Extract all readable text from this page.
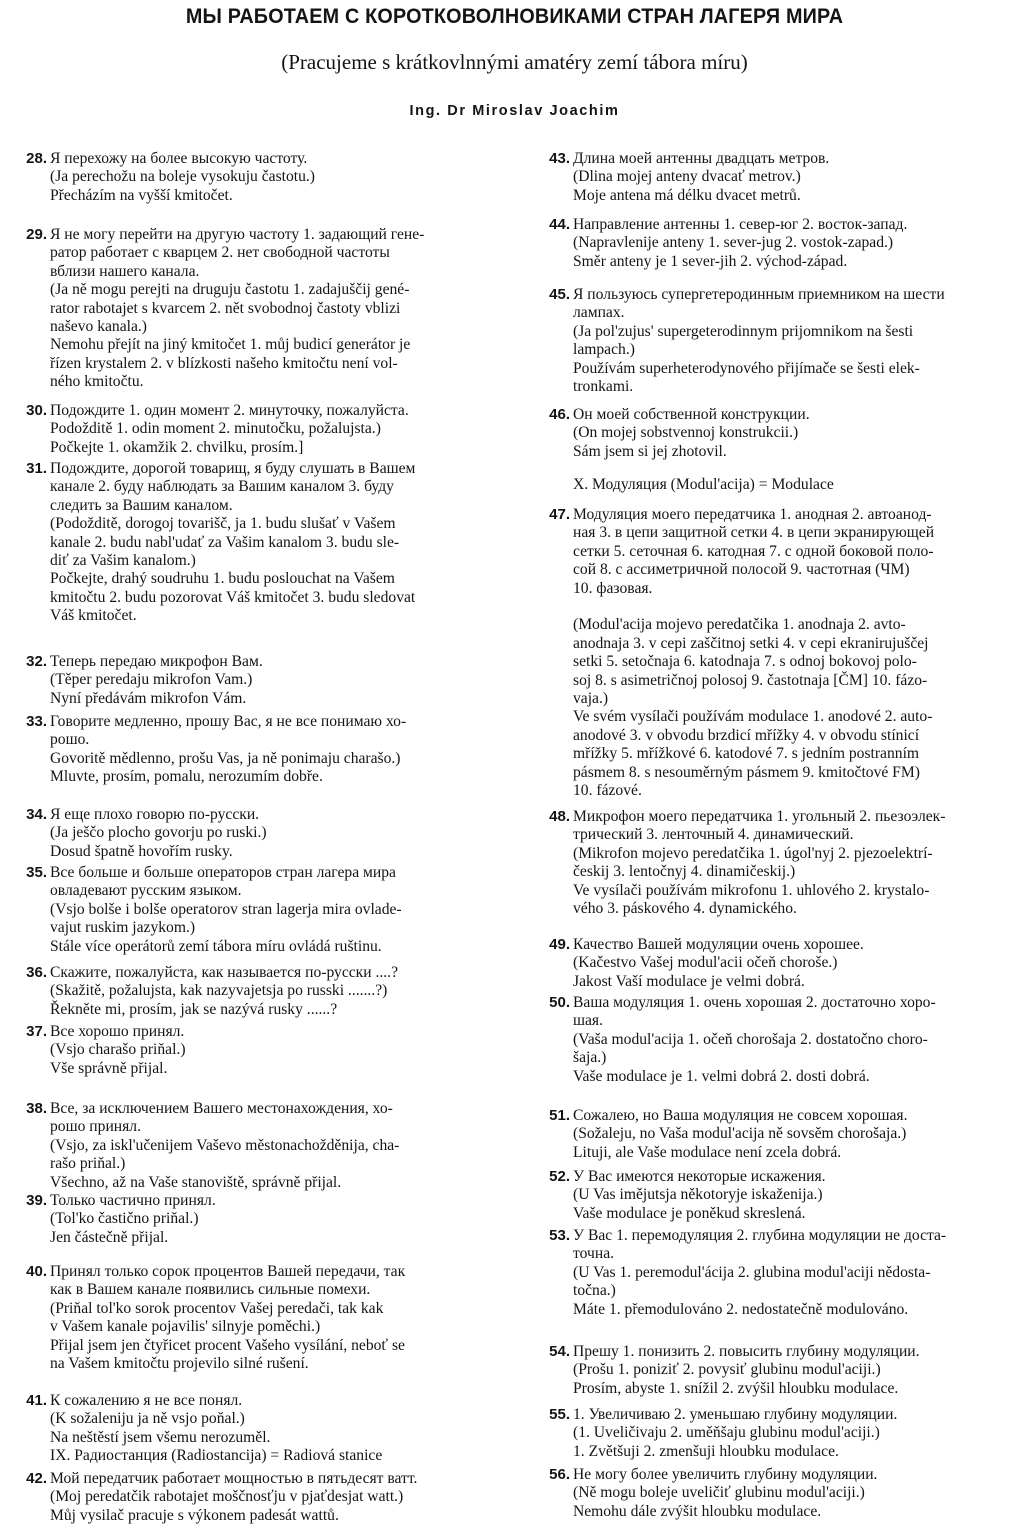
МЫ РАБОТАЕМ С КОРОТКОВОЛНОВИКАМИ СТРАН ЛАГЕРЯ МИРА
(Pracujeme s krátkovlnnými amatéry zemí tábora míru)
Ing. Dr Miroslav Joachim
28. Я перехожу на более высокую частоту.
(Ja perechožu na boleje vysokuju častotu.)
Přecházím na vyšší kmitočet.
29. Я не могу перейти на другую частоту 1. задающий гене-
ратор работает с кварцем 2. нет свободной частоты
вблизи нашего канала.
(Ja ně mogu perejti na druguju častotu 1. zadajuščij gené-
rator rabotajet s kvarcem 2. nět svobodnoj častoty vblizi
naševo kanala.)
Nemohu přejít na jiný kmitočet 1. můj budicí generátor je
řízen krystalem 2. v blízkosti našeho kmitočtu není vol-
ného kmitočtu.
30. Подождите 1. один момент 2. минуточку, пожалуйста.
Podožditě 1. odin moment 2. minutočku, požalujsta.)
Počkejte 1. okamžik 2. chvilku, prosím.]
31. Подождите, дорогой товарищ, я буду слушать в Вашем
канале 2. буду наблюдать за Вашим каналом 3. буду
следить за Вашим каналом.
(Podožditě, dorogoj tovarišč, ja 1. budu slušať v Vašem
kanale 2. budu nabl'udať za Vašim kanalom 3. budu sle-
diť za Vašim kanalom.)
Počkejte, drahý soudruhu 1. budu poslouchat na Vašem
kmitočtu 2. budu pozorovat Váš kmitočet 3. budu sledovat
Váš kmitočet.
32. Теперь передаю микрофон Вам.
(Těper peredaju mikrofon Vam.)
Nyní předávám mikrofon Vám.
33. Говорите медленно, прошу Вас, я не все понимаю хо-
рошо.
Govoritě mědlenno, prošu Vas, ja ně ponimaju charašo.)
Mluvte, prosím, pomalu, nerozumím dobře.
34. Я еще плохо говорю по-русски.
(Ja ješčo plocho govorju po ruski.)
Dosud špatně hovořím rusky.
35. Все больше и больше операторов стран лагера мира
овладевают русским языком.
(Vsjo bolše i bolše operatorov stran lagerja mira ovlade-
vajut ruskim jazykom.)
Stále více operátorů zemí tábora míru ovládá ruštinu.
36. Скажите, пожалуйста, как называется по-русски ....?
(Skažitě, požalujsta, kak nazyvajetsja po russki .......?)
Řekněte mi, prosím, jak se nazývá rusky ......?
37. Все хорошо принял.
(Vsjo charašo priňal.)
Vše správně přijal.
38. Все, за исключением Вашего местонахождения, хо-
рошо принял.
(Vsjo, za iskl'učenijem Vaševo městonachožděnija, cha-
rašo priňal.)
Všechno, až na Vaše stanoviště, správně přijal.
39. Только частично принял.
(Tol'ko častično priňal.)
Jen částečně přijal.
40. Принял только сорок процентов Вашей передачи, так
как в Вашем канале появились сильные помехи.
(Priňal tol'ko sorok procentov Vašej peredači, tak kak
v Vašem kanale pojavilis' silnyje poměchi.)
Přijal jsem jen čtyřicet procent Vašeho vysílání, neboť se
na Vašem kmitočtu projevilo silné rušení.
41. К сожалению я не все понял.
(K sožaleniju ja ně vsjo poňal.)
Na neštěstí jsem všemu nerozuměl.
IX. Радиостанция (Radiostancija) = Radiová stanice
42. Мой передатчик работает мощностью в пятьдесят ватт.
(Moj peredatčik rabotajet moščnosťju v pjaťdesjat watt.)
Můj vysilač pracuje s výkonem padesát wattů.
43. Длина моей антенны двадцать метров.
(Dlina mojej anteny dvacať metrov.)
Moje antena má délku dvacet metrů.
44. Направление антенны 1. север-юг 2. восток-запад.
(Napravlenije anteny 1. sever-jug 2. vostok-zapad.)
Směr anteny je 1 sever-jih 2. východ-západ.
45. Я пользуюсь супергетеродинным приемником на шести
лампах.
(Ja pol'zujus' supergeterodinnym prijomnikom na šesti
lampach.)
Používám superheterodynového přijímače se šesti elek-
tronkami.
46. Он моей собственной конструкции.
(On mojej sobstvennoj konstrukcii.)
Sám jsem si jej zhotovil.
X. Модуляция (Modul'acija) = Modulace
47. Модуляция моего передатчика 1. анодная 2. автоанод-
ная 3. в цепи защитной сетки 4. в цепи экранирующей
сетки 5. сеточная 6. катодная 7. с одной боковой поло-
сой 8. с ассиметричной полосой 9. частотная (ЧМ)
10. фазовая.

(Modul'acija mojevo peredatčika 1. anodnaja 2. avto-
anodnaja 3. v cepi zaščitnoj setki 4. v cepi ekranirujuščej
setki 5. setočnaja 6. katodnaja 7. s odnoj bokovoj polo-
soj 8. s asimetričnoj polosoj 9. častotnaja [ČM] 10. fázo-
vaja.)
Ve svém vysílači používám modulace 1. anodové 2. auto-
anodové 3. v obvodu brzdicí mřížky 4. v obvodu stínicí
mřížky 5. mřížkové 6. katodové 7. s jedním postranním
pásmem 8. s nesouměrným pásmem 9. kmitočtové FM)
10. fázové.
48. Микрофон моего передатчика 1. угольный 2. пьезоэлек-
трический 3. ленточный 4. динамический.
(Mikrofon mojevo peredatčika 1. úgol'nyj 2. pjezoelektrí-
českij 3. lentočnyj 4. dinamičeskij.)
Ve vysílači používám mikrofonu 1. uhlového 2. krystalo-
vého 3. páskového 4. dynamického.
49. Качество Вашей модуляции очень хорошее.
(Kačestvo Vašej modul'acii očeň choroše.)
Jakost Vaší modulace je velmi dobrá.
50. Ваша модуляция 1. очень хорошая 2. достаточно хоро-
шая.
(Vaša modul'acija 1. očeň chorošaja 2. dostatočno choro-
šaja.)
Vaše modulace je 1. velmi dobrá 2. dosti dobrá.
51. Сожалею, но Ваша модуляция не совсем хорошая.
(Sožaleju, no Vaša modul'acija ně sovsěm chorošaja.)
Lituji, ale Vaše modulace není zcela dobrá.
52. У Вас имеются некоторые искажения.
(U Vas iměјutsja někotoryje iskaženija.)
Vaše modulace je poněkud skreslená.
53. У Вас 1. перемодуляция 2. глубина модуляции не доста-
точна.
(U Vas 1. peremodul'ácija 2. glubina modul'aciji nědostа-
točna.)
Máte 1. přemodulováno 2. nedostatečně modulováno.
54. Прешу 1. понизить 2. повысить глубину модуляции.
(Prošu 1. poniziť 2. povysiť glubinu modul'aciji.)
Prosím, abyste 1. snížil 2. zvýšil hloubku modulace.
55. 1. Увеличиваю 2. уменьшаю глубину модуляции.
(1. Uveličivaju 2. uměňšaju glubinu modul'aciji.)
1. Zvětšuji 2. zmenšuji hloubku modulace.
56. Не могу более увеличить глубину модуляции.
(Ně mogu boleje uveličiť glubinu modul'aciji.)
Nemohu dále zvýšit hloubku modulace.
